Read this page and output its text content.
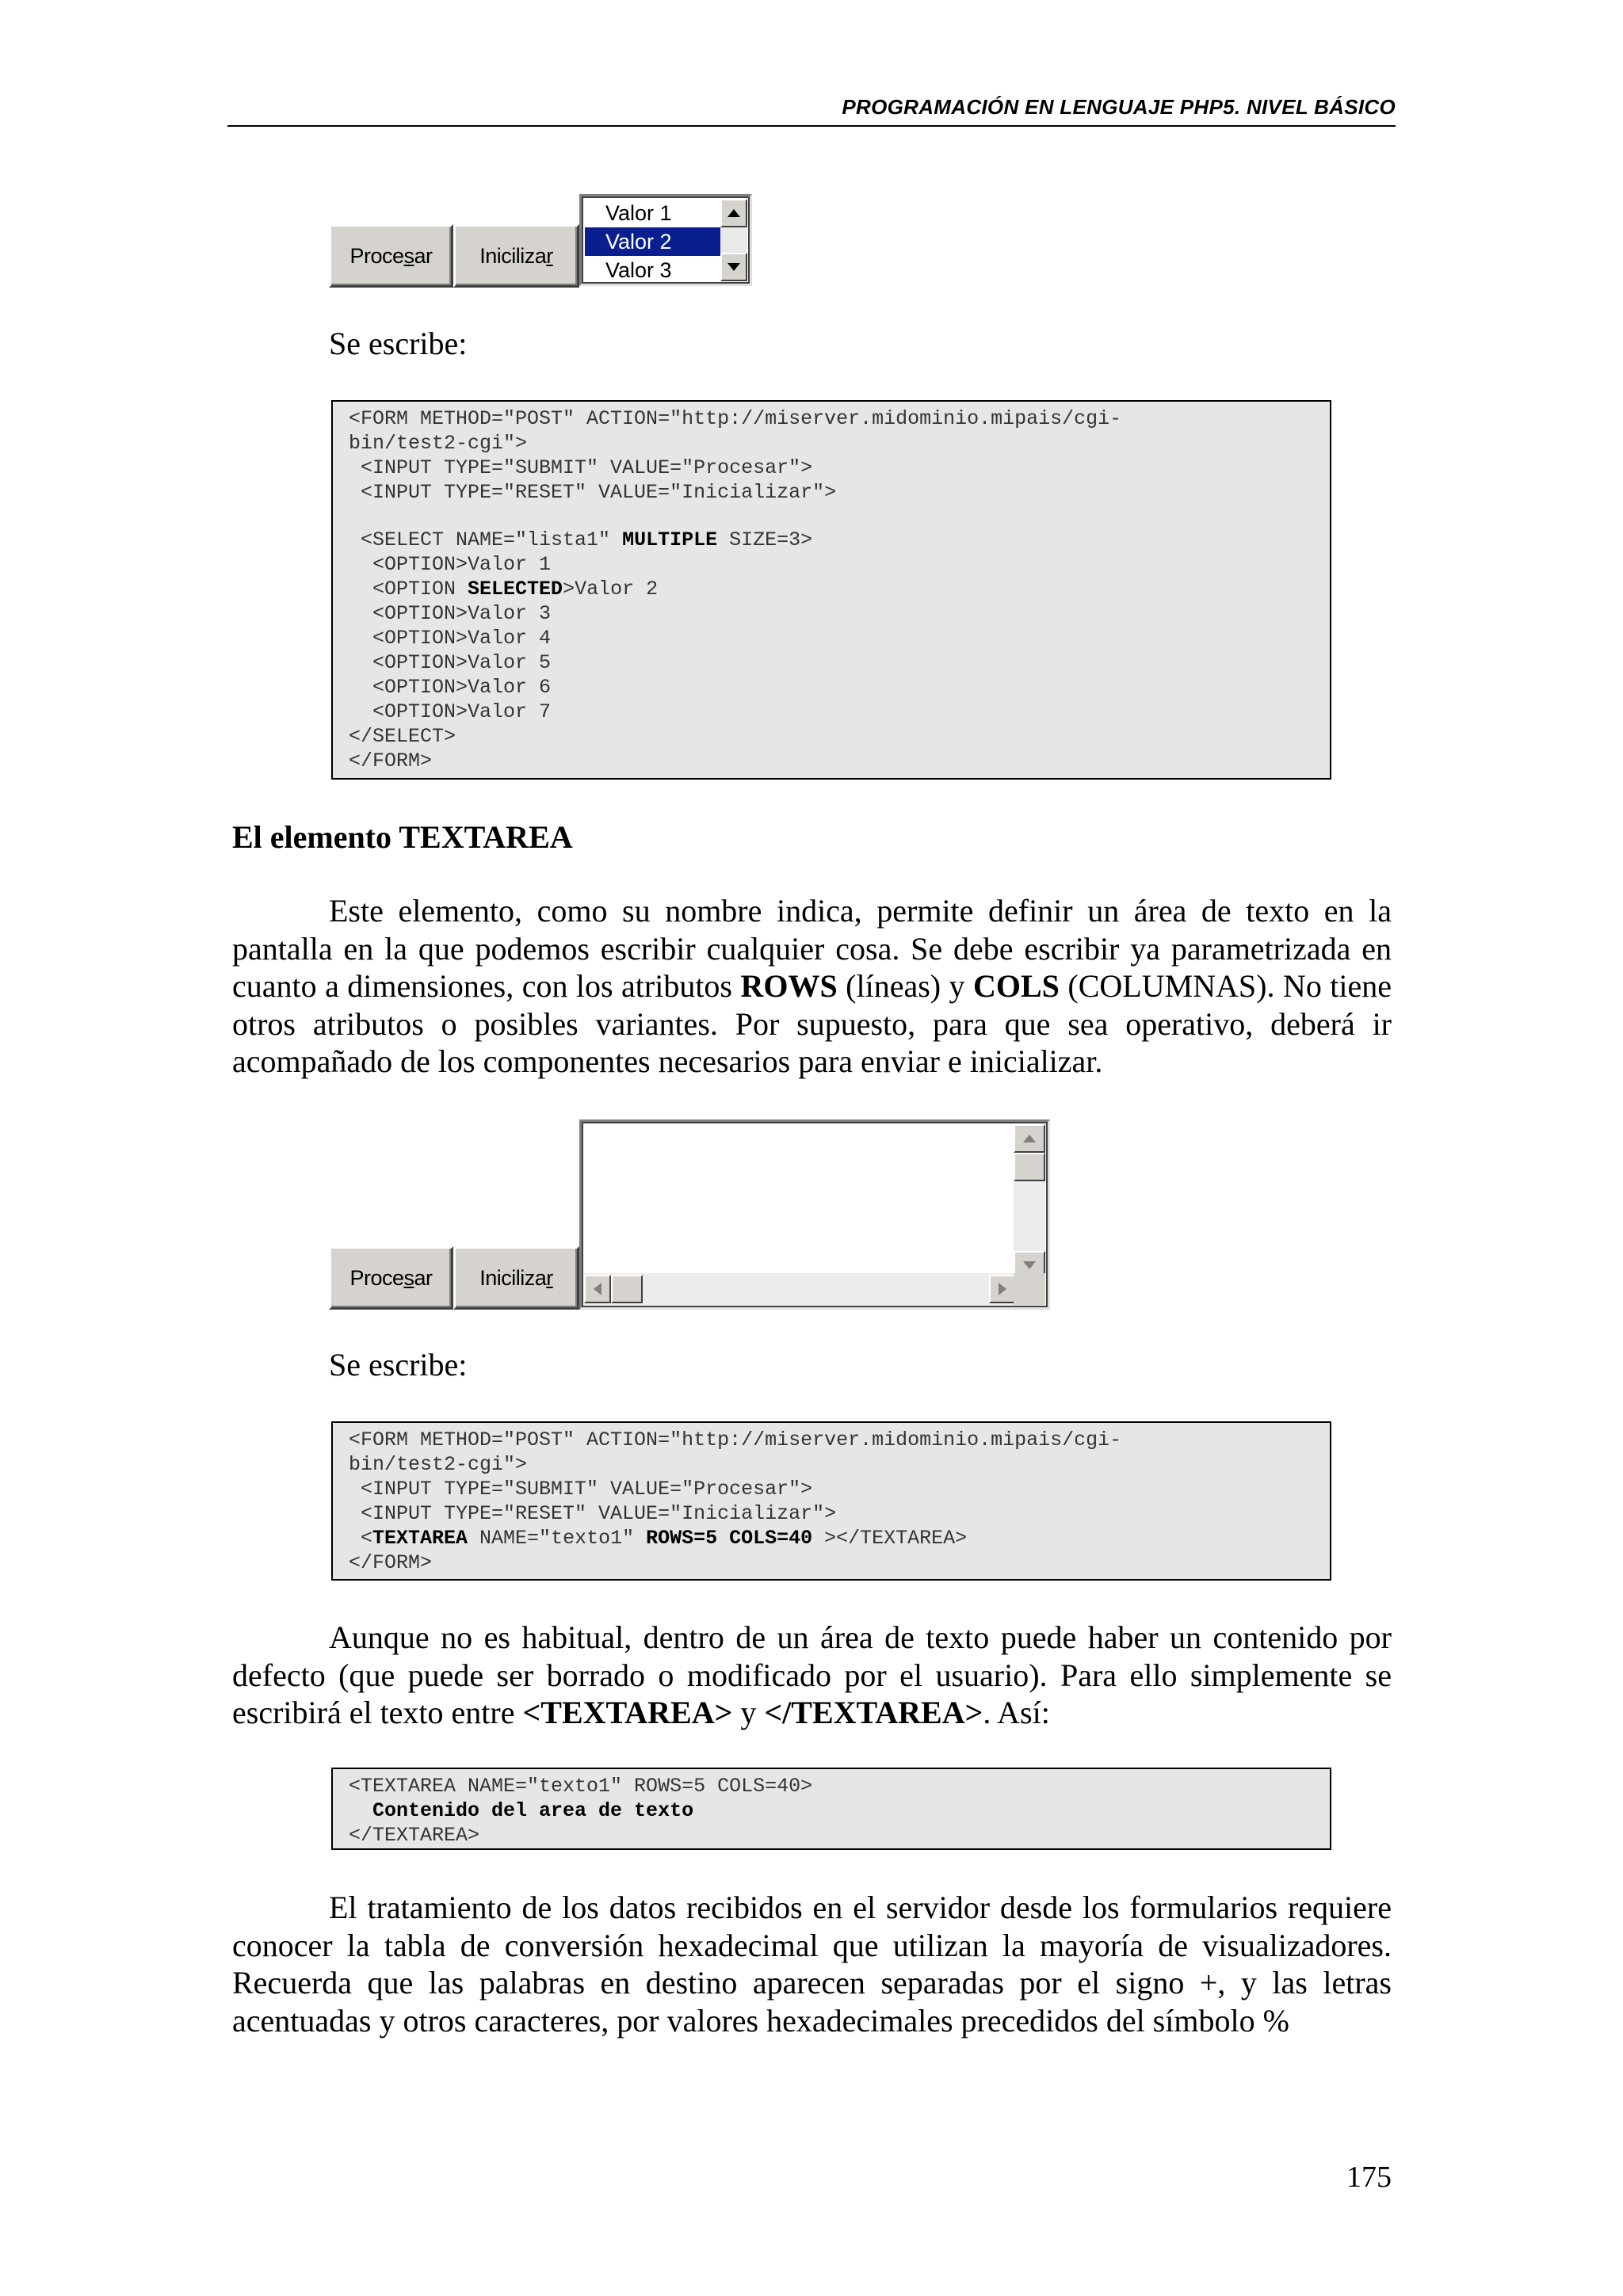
PROGRAMACIÓN EN LENGUAJE PHP5. NIVEL BÁSICO
Proce s ar Iniciliza r
Valor 1
Valor 2
Valor 3
Se escribe:
<FORM METHOD="POST" ACTION="http://miserver.midominio.mipais/cgi-
bin/test2-cgi">
<INPUT TYPE="SUBMIT" VALUE="Procesar">
<INPUT TYPE="RESET" VALUE="Inicializar">
<SELECT NAME="lista1" MULTIPLE SIZE=3>
<OPTION>Valor 1
<OPTION SELECTED>Valor 2
<OPTION>Valor 3
<OPTION>Valor 4
<OPTION>Valor 5
<OPTION>Valor 6
<OPTION>Valor 7
</SELECT>
</FORM>
El elemento TEXTAREA
Este elemento, como su nombre indica, permite definir un área de texto en la pantalla en la que podemos escribir cualquier cosa. Se debe escribir ya parametrizada en cuanto a dimensiones, con los atributos ROWS (líneas) y COLS (COLUMNAS). No tiene otros atributos o posibles variantes. Por supuesto, para que sea operativo, deberá ir acompañado de los componentes necesarios para enviar e inicializar.
Proce s ar Iniciliza r
Se escribe:
<FORM METHOD="POST" ACTION="http://miserver.midominio.mipais/cgi-
bin/test2-cgi">
<INPUT TYPE="SUBMIT" VALUE="Procesar">
<INPUT TYPE="RESET" VALUE="Inicializar">
<TEXTAREA NAME="texto1" ROWS=5 COLS=40 ></TEXTAREA>
</FORM>
Aunque no es habitual, dentro de un área de texto puede haber un contenido por defecto (que puede ser borrado o modificado por el usuario). Para ello simplemente se escribirá el texto entre <TEXTAREA> y </TEXTAREA>. Así:
<TEXTAREA NAME="texto1" ROWS=5 COLS=40>
Contenido del area de texto
</TEXTAREA>
El tratamiento de los datos recibidos en el servidor desde los formularios requiere conocer la tabla de conversión hexadecimal que utilizan la mayoría de visualizadores. Recuerda que las palabras en destino aparecen separadas por el signo +, y las letras acentuadas y otros caracteres, por valores hexadecimales precedidos del símbolo %
175
